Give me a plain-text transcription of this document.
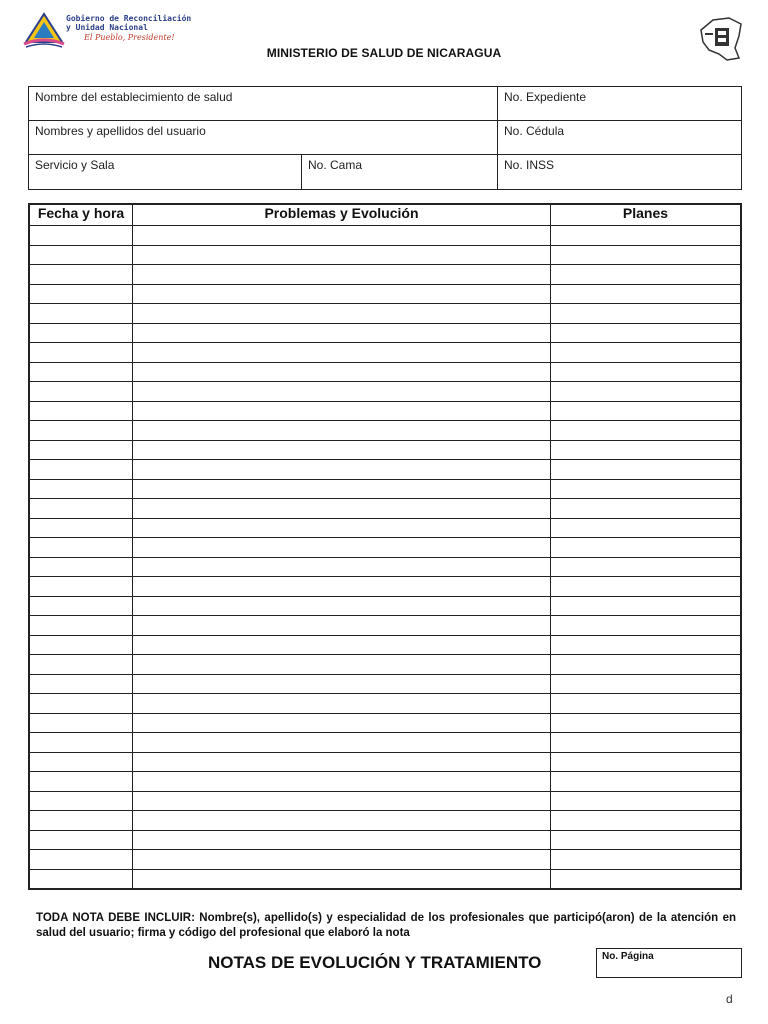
Gobierno de Reconciliación
y Unidad Nacional
El Pueblo, Presidente!
MINISTERIO DE SALUD DE NICARAGUA
Nombre del establecimiento de salud	No. Expediente
Nombres y apellidos del usuario	No. Cédula
Servicio y Sala	No. Cama	No. INSS
Fecha y hora	Problemas y Evolución	Planes

TODA NOTA DEBE INCLUIR: Nombre(s), apellido(s) y especialidad de los profesionales que participó(aron) de la atención en salud del usuario; firma y código del profesional que elaboró la nota
NOTAS DE EVOLUCIÓN Y TRATAMIENTO	No. Página
d
